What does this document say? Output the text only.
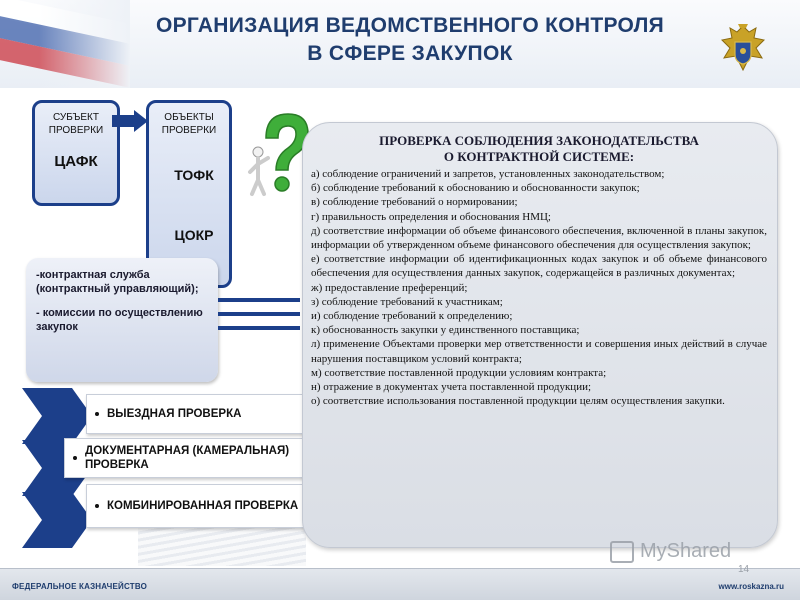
ОРГАНИЗАЦИЯ ВЕДОМСТВЕННОГО КОНТРОЛЯ
В СФЕРЕ ЗАКУПОК
СУБЪЕКТ
ПРОВЕРКИ
ЦАФК
ОБЪЕКТЫ
ПРОВЕРКИ
ТОФК
ЦОКР

-контрактная служба (контрактный управляющий);

- комиссии по осуществлению закупок

ВЫЕЗДНАЯ ПРОВЕРКА
ДОКУМЕНТАРНАЯ (КАМЕРАЛЬНАЯ) ПРОВЕРКА
КОМБИНИРОВАННАЯ ПРОВЕРКА
ПРОВЕРКА СОБЛЮДЕНИЯ ЗАКОНОДАТЕЛЬСТВА
О КОНТРАКТНОЙ СИСТЕМЕ:
а) соблюдение ограничений и запретов, установленных законодательством;
б) соблюдение требований к обоснованию и обоснованности закупок;
в) соблюдение требований о нормировании;
г) правильность определения и обоснования НМЦ;
д) соответствие информации об объеме финансового обеспечения, включенной в планы закупок, информации об утвержденном объеме финансового обеспечения для осуществления закупок;
е) соответствие информации об идентификационных кодах закупок и об объеме финансового обеспечения для осуществления данных закупок, содержащейся в различных документах;
ж) предоставление преференций;
з) соблюдение требований к участникам;
и) соблюдение требований к определению;
к) обоснованность закупки у единственного поставщика;
л) применение Объектами проверки мер ответственности и совершения иных действий в случае нарушения поставщиком условий контракта;
м) соответствие поставленной продукции условиям контракта;
н) отражение в документах учета поставленной продукции;
о) соответствие использования поставленной продукции целям осуществления закупки.
MyShared
ФЕДЕРАЛЬНОЕ КАЗНАЧЕЙСТВО	www.roskazna.ru
14
